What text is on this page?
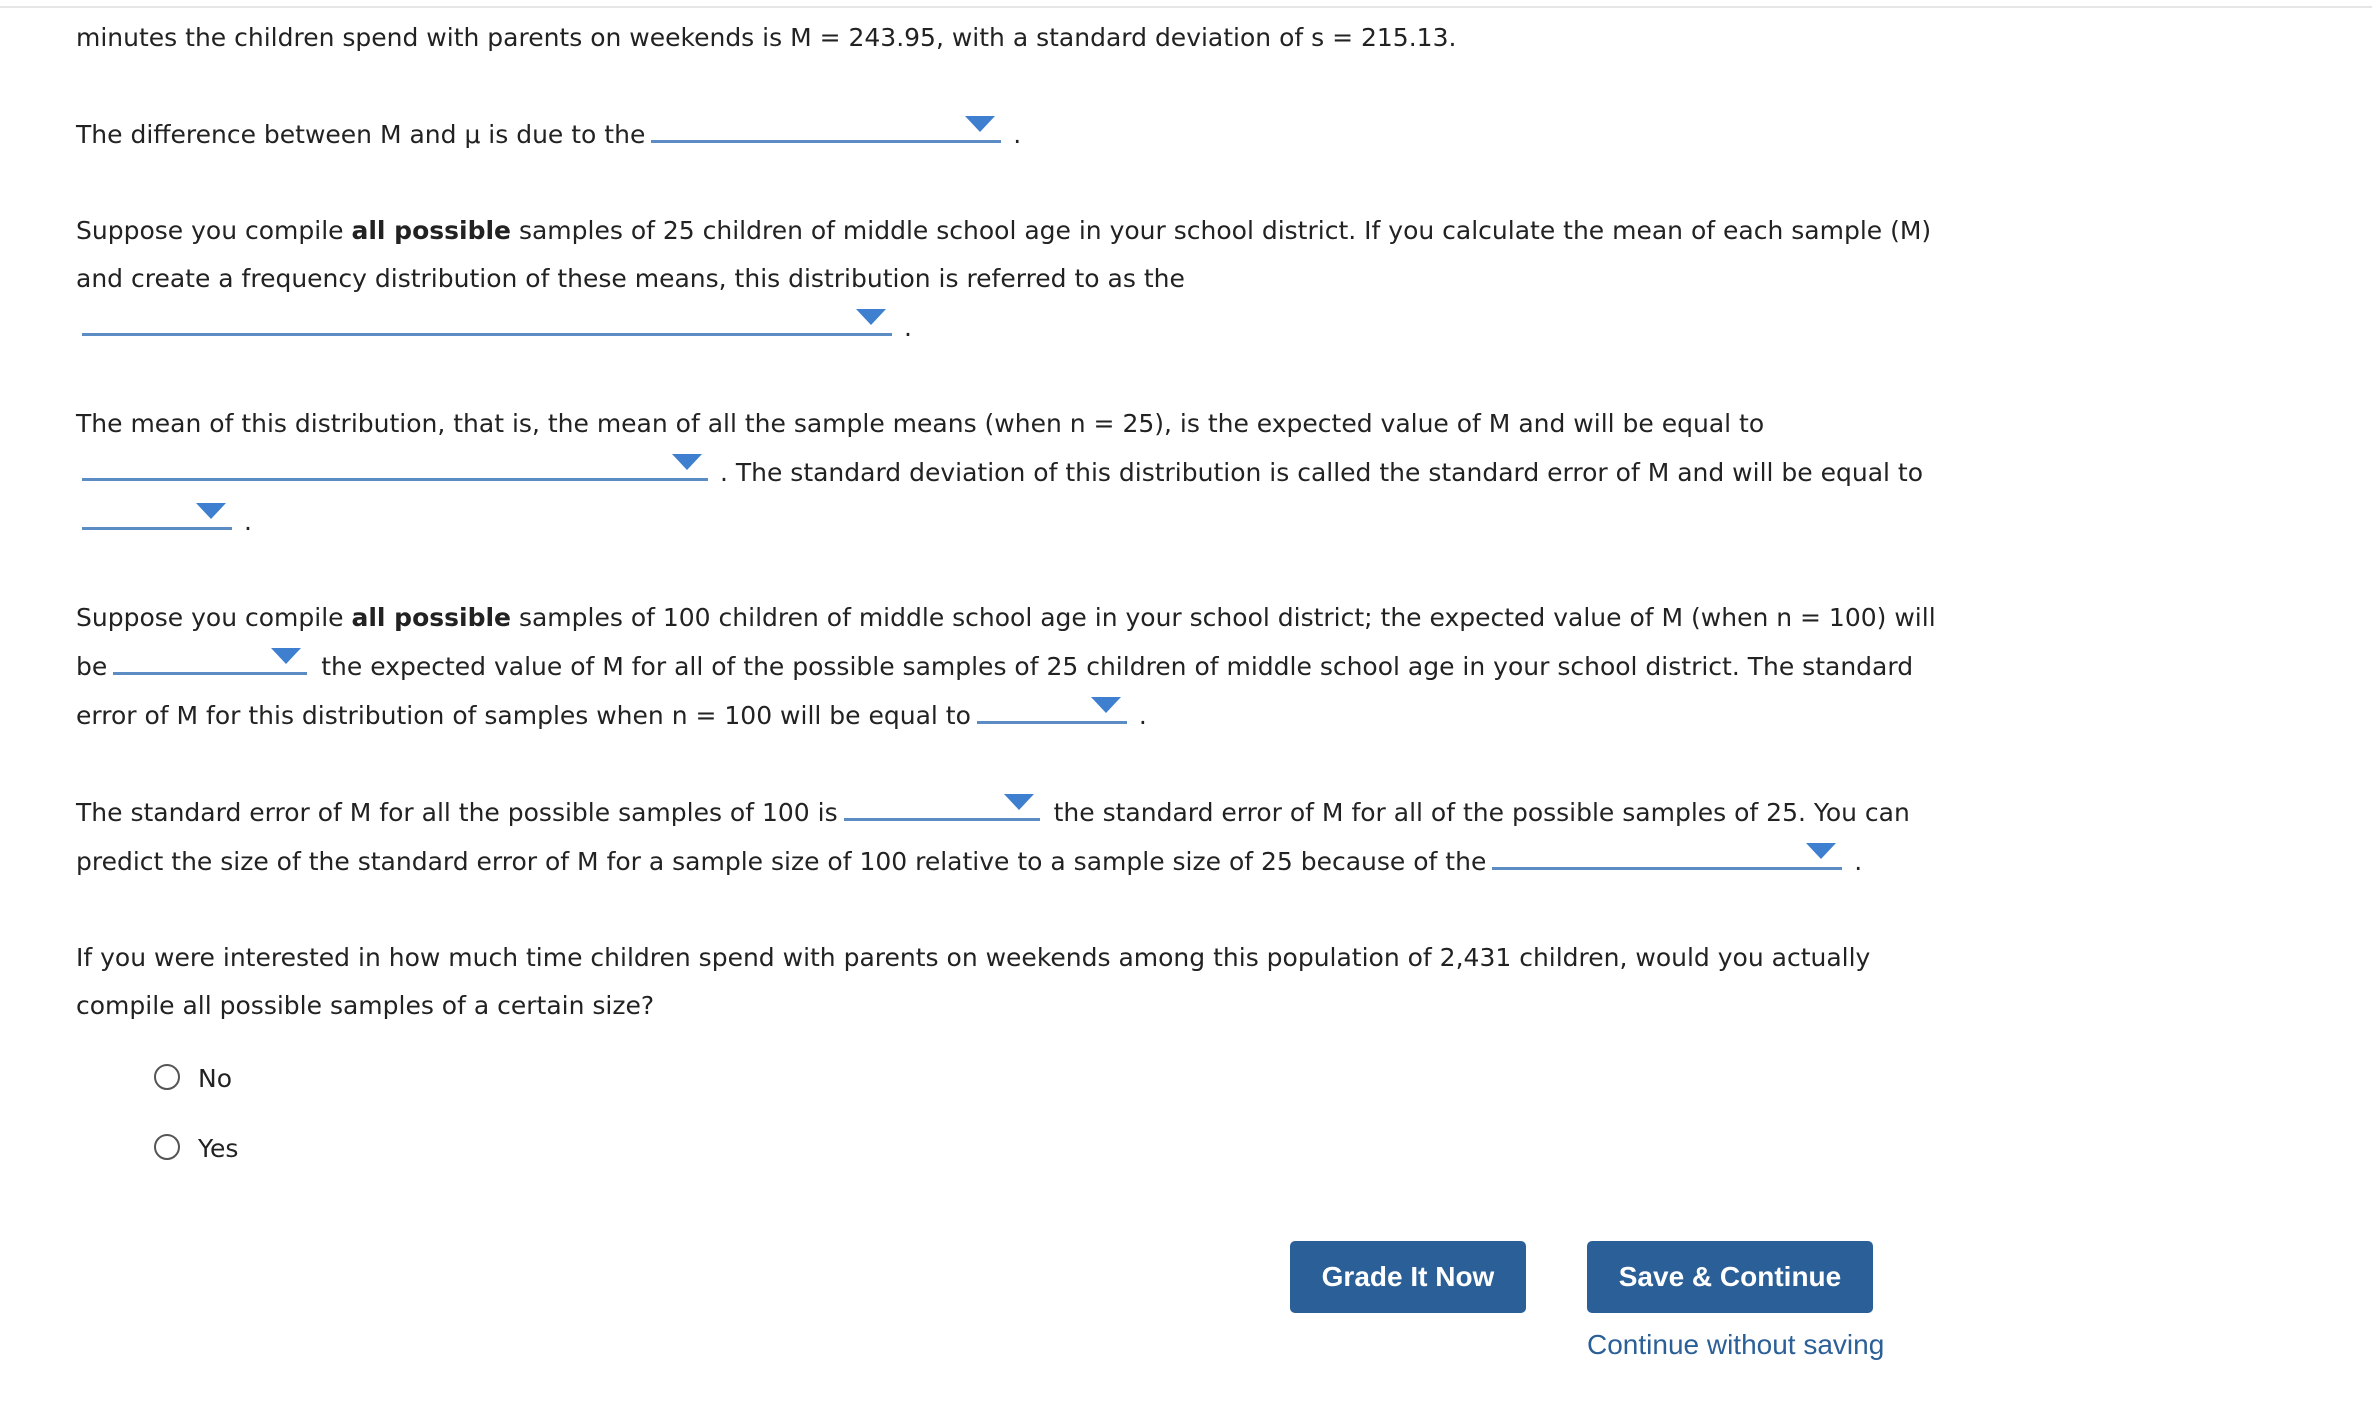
minutes the children spend with parents on weekends is M = 243.95, with a standard deviation of s = 215.13.

The difference between M and μ is due to the	.

Suppose you compile all possible samples of 25 children of middle school age in your school district. If you calculate the mean of each sample (M)

and create a frequency distribution of these means, this distribution is referred to as the

.

The mean of this distribution, that is, the mean of all the sample means (when n = 25), is the expected value of M and will be equal to

. The standard deviation of this distribution is called the standard error of M and will be equal to

.

Suppose you compile all possible samples of 100 children of middle school age in your school district; the expected value of M (when n = 100) will

be	the expected value of M for all of the possible samples of 25 children of middle school age in your school district. The standard

error of M for this distribution of samples when n = 100 will be equal to	.

The standard error of M for all the possible samples of 100 is	the standard error of M for all of the possible samples of 25. You can

predict the size of the standard error of M for a sample size of 100 relative to a sample size of 25 because of the	.

If you were interested in how much time children spend with parents on weekends among this population of 2,431 children, would you actually

compile all possible samples of a certain size?

No
Yes
Grade It Now	Save & Continue
Continue without saving
